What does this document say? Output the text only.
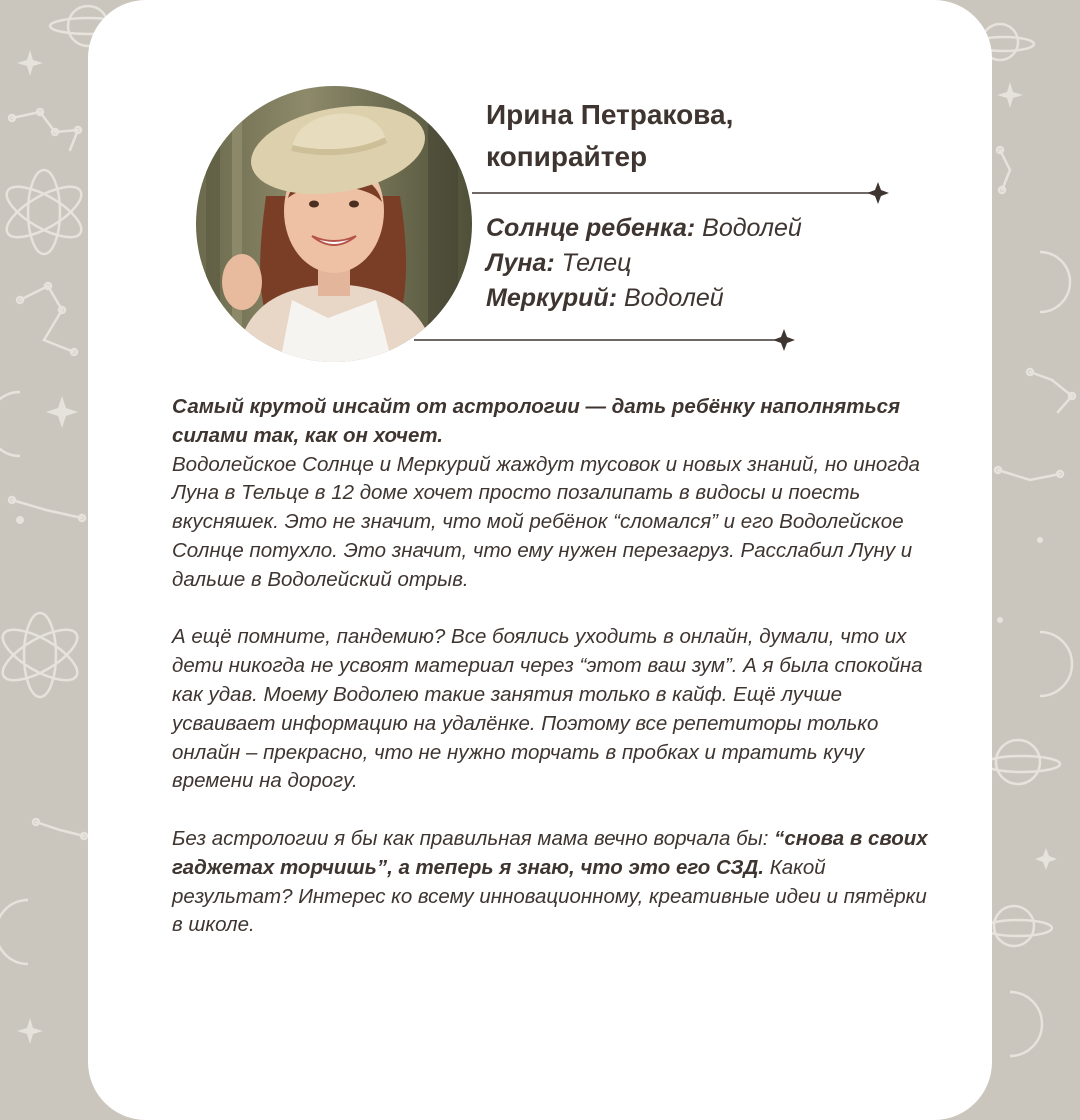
Ирина Петракова,
копирайтер
Солнце ребенка: Водолей
Луна: Телец
Меркурий: Водолей

Самый крутой инсайт от астрологии — дать ребёнку наполняться силами так, как он хочет.
Водолейское Солнце и Меркурий жаждут тусовок и новых знаний, но иногда Луна в Тельце в 12 доме хочет просто позалипать в видосы и поесть вкусняшек. Это не значит, что мой ребёнок “сломался” и его Водолейское Солнце потухло. Это значит, что ему нужен перезагруз. Расслабил Луну и дальше в Водолейский отрыв.

А ещё помните, пандемию? Все боялись уходить в онлайн, думали, что их дети никогда не усвоят материал через “этот ваш зум”. А я была спокойна как удав. Моему Водолею такие занятия только в кайф. Ещё лучше усваивает информацию на удалёнке. Поэтому все репетиторы только онлайн – прекрасно, что не нужно торчать в пробках и тратить кучу времени на дорогу.

Без астрологии я бы как правильная мама вечно ворчала бы: “снова в своих гаджетах торчишь”, а теперь я знаю, что это его СЗД. Какой результат? Интерес ко всему инновационному, креативные идеи и пятёрки в школе.
